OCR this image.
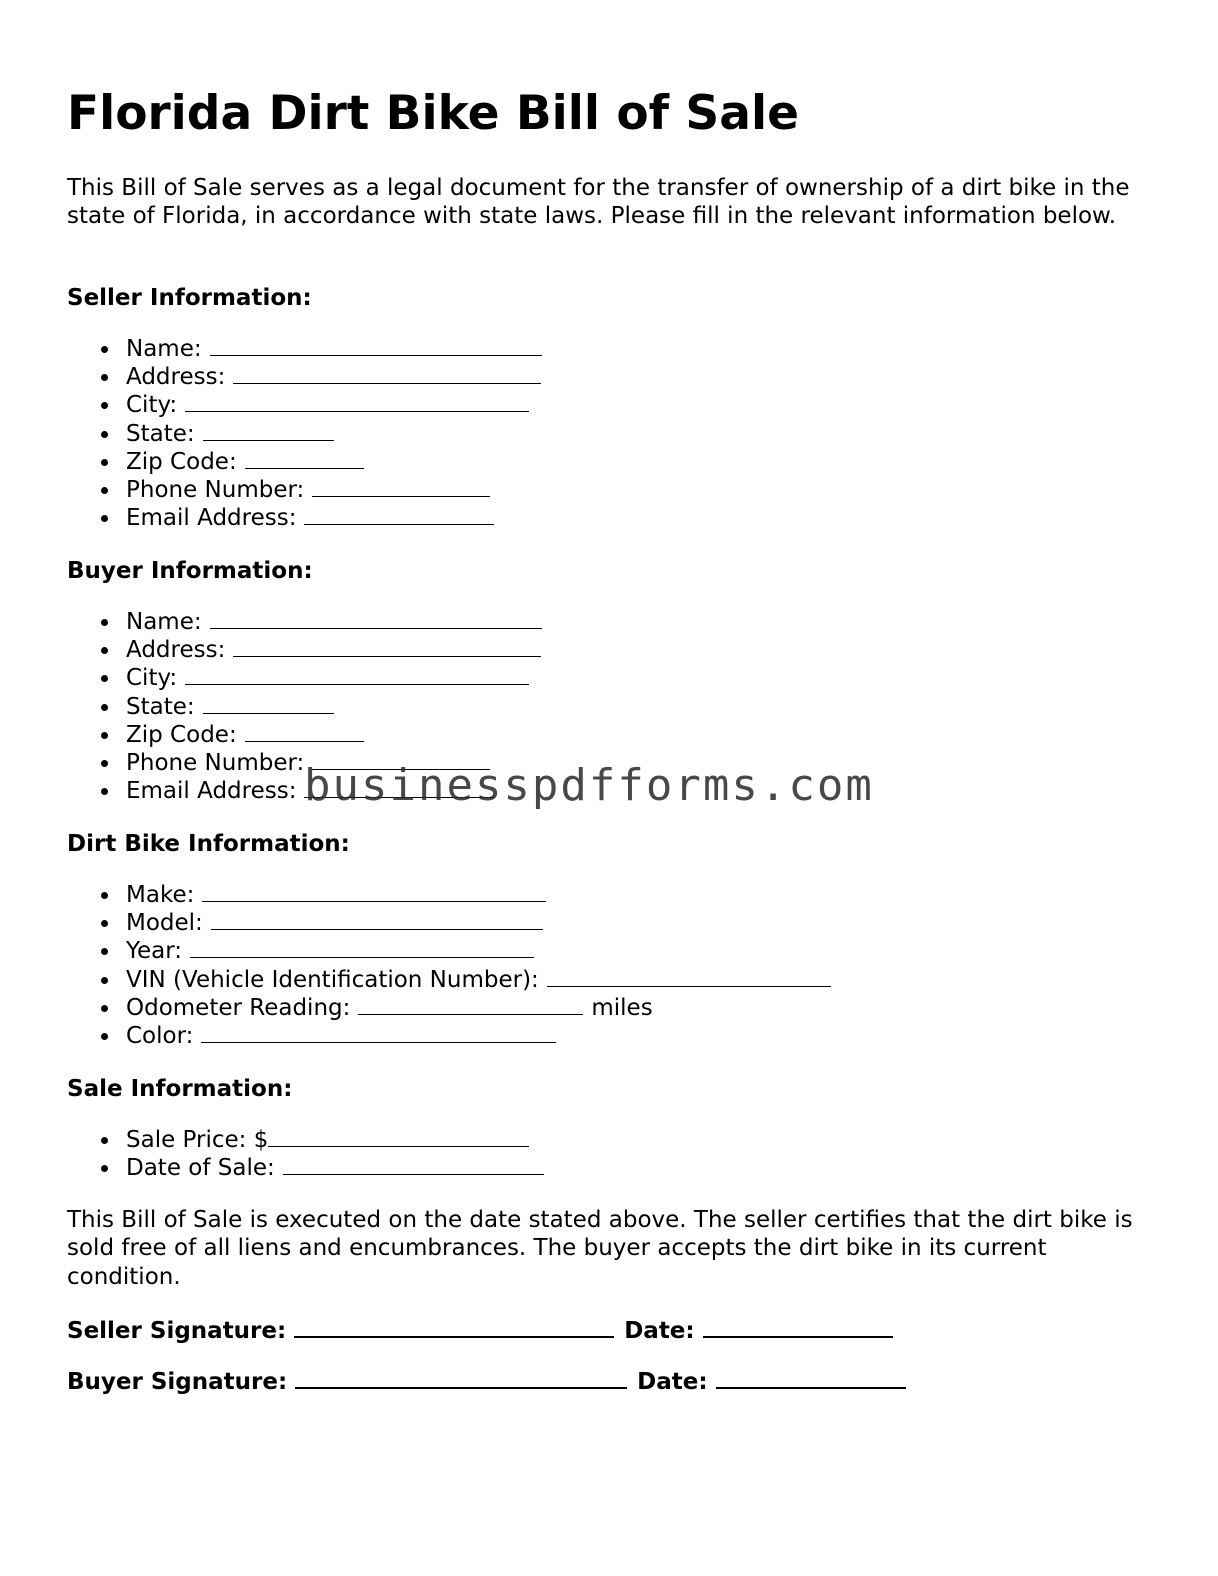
Florida Dirt Bike Bill of Sale

This Bill of Sale serves as a legal document for the transfer of ownership of a dirt bike in the state of Florida, in accordance with state laws. Please fill in the relevant information below.

Seller Information:
Name:
Address:
City:
State:
Zip Code:
Phone Number:
Email Address:
Buyer Information:
Name:
Address:
City:
State:
Zip Code:
Phone Number:
Email Address:
Dirt Bike Information:
Make:
Model:
Year:
VIN (Vehicle Identification Number):
Odometer Reading:	miles
Color:
Sale Information:
Sale Price: $
Date of Sale:

This Bill of Sale is executed on the date stated above. The seller certifies that the dirt bike is sold free of all liens and encumbrances. The buyer accepts the dirt bike in its current condition.

Seller Signature:	Date:
Buyer Signature:	Date:
businesspdfforms.com
